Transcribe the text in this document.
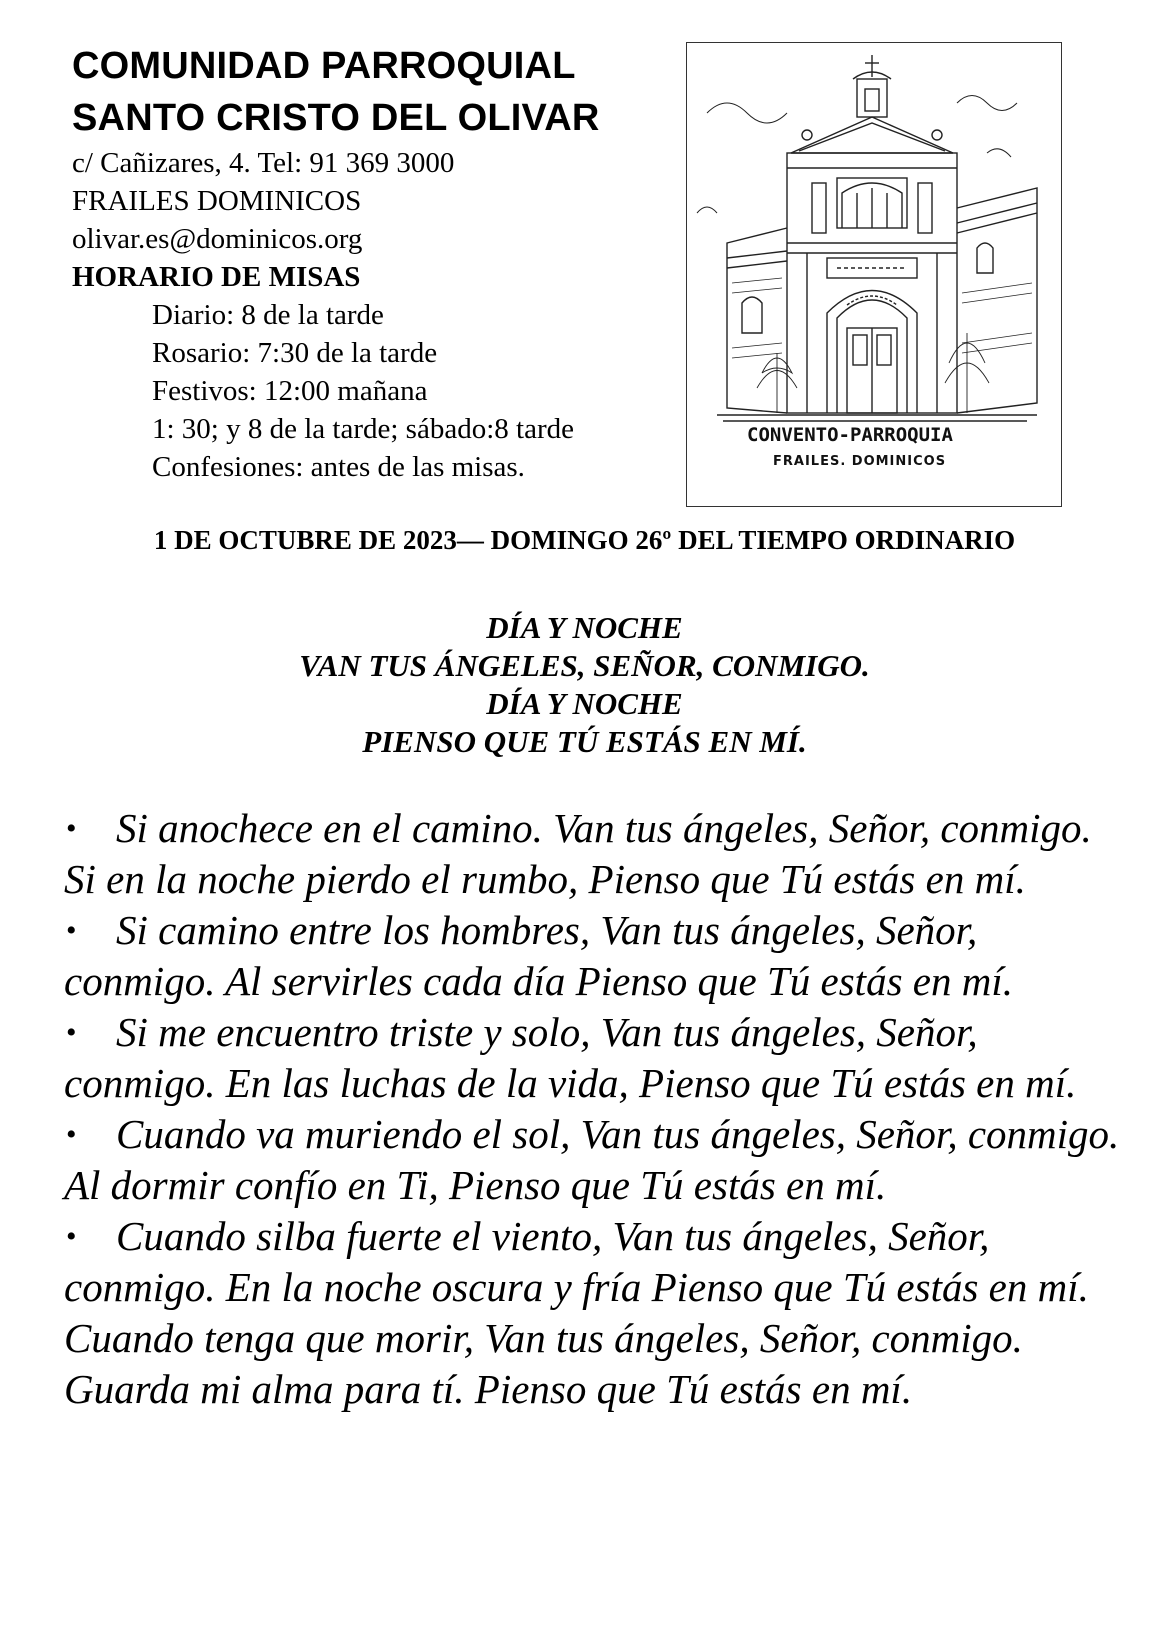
COMUNIDAD PARROQUIAL

SANTO CRISTO DEL OLIVAR

c/ Cañizares, 4. Tel: 91 369 3000

FRAILES DOMINICOS

olivar.es@dominicos.org

HORARIO DE MISAS

Diario: 8 de la tarde

Rosario: 7:30 de la tarde

Festivos: 12:00 mañana

1: 30; y 8 de la tarde; sábado:8 tarde

Confesiones: antes de las misas.

CONVENTO-PARROQUIA
FRAILES. DOMINICOS

1 DE OCTUBRE DE 2023— DOMINGO 26º DEL TIEMPO ORDINARIO

DÍA Y NOCHE

VAN TUS ÁNGELES, SEÑOR, CONMIGO.

DÍA Y NOCHE

PIENSO QUE TÚ ESTÁS EN MÍ.

• Si anochece en el camino. Van tus ángeles, Señor, conmigo. Si en la noche pierdo el rumbo, Pienso que Tú estás en mí.

• Si camino entre los hombres, Van tus ángeles, Señor, conmigo. Al servirles cada día Pienso que Tú estás en mí.

• Si me encuentro triste y solo, Van tus ángeles, Señor, conmigo. En las luchas de la vida, Pienso que Tú estás en mí.

• Cuando va muriendo el sol, Van tus ángeles, Señor, conmigo. Al dormir confío en Ti, Pienso que Tú estás en mí.

• Cuando silba fuerte el viento, Van tus ángeles, Señor, conmigo. En la noche oscura y fría Pienso que Tú estás en mí.

Cuando tenga que morir, Van tus ángeles, Señor, conmigo. Guarda mi alma para tí. Pienso que Tú estás en mí.
